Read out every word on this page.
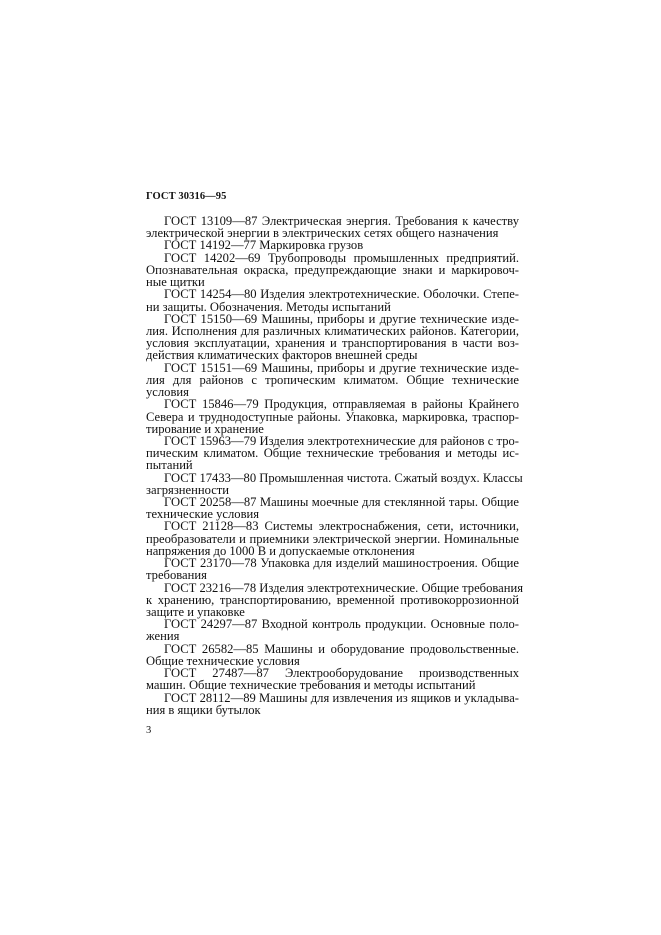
ГОСТ 30316—95
ГОСТ 13109—87 Электрическая энергия. Требования к качеству
электрической энергии в электрических сетях общего назначения
ГОСТ 14192—77 Маркировка грузов
ГОСТ 14202—69 Трубопроводы промышленных предприятий.
Опознавательная окраска, предупреждающие знаки и маркировоч-
ные щитки
ГОСТ 14254—80 Изделия электротехнические. Оболочки. Степе-
ни защиты. Обозначения. Методы испытаний
ГОСТ 15150—69 Машины, приборы и другие технические изде-
лия. Исполнения для различных климатических районов. Категории,
условия эксплуатации, хранения и транспортирования в части воз-
действия климатических факторов внешней среды
ГОСТ 15151—69 Машины, приборы и другие технические изде-
лия для районов с тропическим климатом. Общие технические
условия
ГОСТ 15846—79 Продукция, отправляемая в районы Крайнего
Севера и труднодоступные районы. Упаковка, маркировка, траспор-
тирование и хранение
ГОСТ 15963—79 Изделия электротехнические для районов с тро-
пическим климатом. Общие технические требования и методы ис-
пытаний
ГОСТ 17433—80 Промышленная чистота. Сжатый воздух. Классы
загрязненности
ГОСТ 20258—87 Машины моечные для стеклянной тары. Общие
технические условия
ГОСТ 21128—83 Системы электроснабжения, сети, источники,
преобразователи и приемники электрической энергии. Номинальные
напряжения до 1000 В и допускаемые отклонения
ГОСТ 23170—78 Упаковка для изделий машиностроения. Общие
требования
ГОСТ 23216—78 Изделия электротехнические. Общие требования
к хранению, транспортированию, временной противокоррозионной
защите и упаковке
ГОСТ 24297—87 Входной контроль продукции. Основные поло-
жения
ГОСТ 26582—85 Машины и оборудование продовольственные.
Общие технические условия
ГОСТ 27487—87 Электрооборудование производственных
машин. Общие технические требования и методы испытаний
ГОСТ 28112—89 Машины для извлечения из ящиков и укладыва-
ния в ящики бутылок
3
